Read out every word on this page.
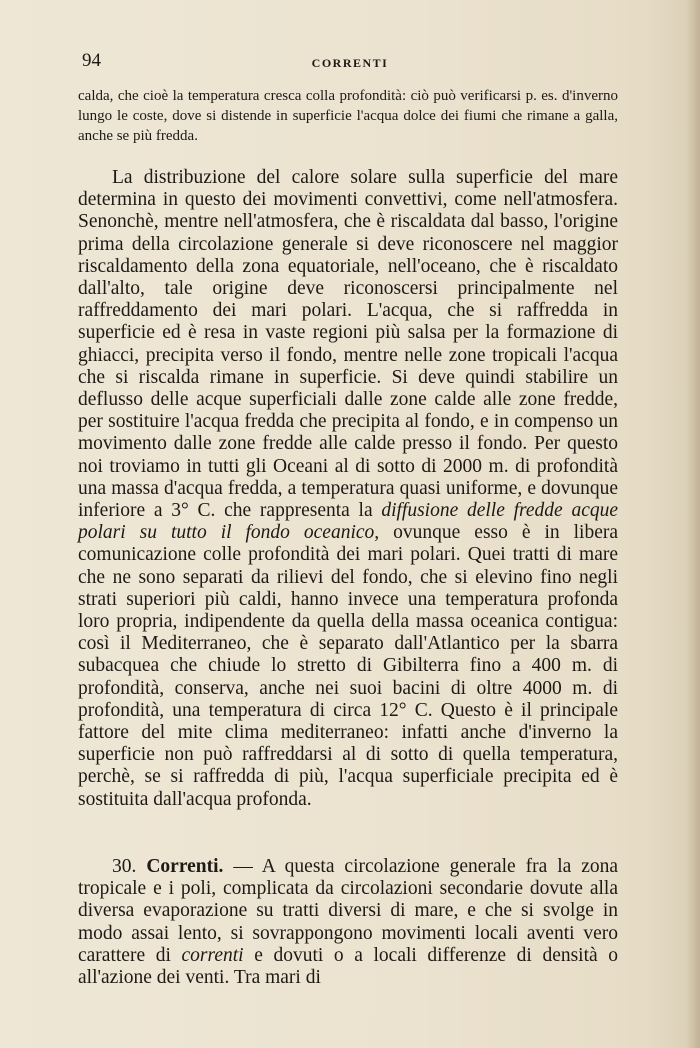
94	CORRENTI

calda, che cioè la temperatura cresca colla profondità: ciò può verificarsi p. es. d'inverno lungo le coste, dove si distende in superficie l'acqua dolce dei fiumi che rimane a galla, anche se più fredda.

La distribuzione del calore solare sulla superficie del mare determina in questo dei movimenti convettivi, come nell'atmosfera. Senonchè, mentre nell'atmosfera, che è riscaldata dal basso, l'origine prima della circolazione generale si deve riconoscere nel maggior riscaldamento della zona equatoriale, nell'oceano, che è riscaldato dall'alto, tale origine deve riconoscersi principalmente nel raffreddamento dei mari polari. L'acqua, che si raffredda in superficie ed è resa in vaste regioni più salsa per la formazione di ghiacci, precipita verso il fondo, mentre nelle zone tropicali l'acqua che si riscalda rimane in superficie. Si deve quindi stabilire un deflusso delle acque superficiali dalle zone calde alle zone fredde, per sostituire l'acqua fredda che precipita al fondo, e in compenso un movimento dalle zone fredde alle calde presso il fondo. Per questo noi troviamo in tutti gli Oceani al di sotto di 2000 m. di profondità una massa d'acqua fredda, a temperatura quasi uniforme, e dovunque inferiore a 3° C. che rappresenta la diffusione delle fredde acque polari su tutto il fondo oceanico, ovunque esso è in libera comunicazione colle profondità dei mari polari. Quei tratti di mare che ne sono separati da rilievi del fondo, che si elevino fino negli strati superiori più caldi, hanno invece una temperatura profonda loro propria, indipendente da quella della massa oceanica contigua: così il Mediterraneo, che è separato dall'Atlantico per la sbarra subacquea che chiude lo stretto di Gibilterra fino a 400 m. di profondità, conserva, anche nei suoi bacini di oltre 4000 m. di profondità, una temperatura di circa 12° C. Questo è il principale fattore del mite clima mediterraneo: infatti anche d'inverno la superficie non può raffreddarsi al di sotto di quella temperatura, perchè, se si raffredda di più, l'acqua superficiale precipita ed è sostituita dall'acqua profonda.

30. Correnti. — A questa circolazione generale fra la zona tropicale e i poli, complicata da circolazioni secondarie dovute alla diversa evaporazione su tratti diversi di mare, e che si svolge in modo assai lento, si sovrappongono movimenti locali aventi vero carattere di correnti e dovuti o a locali differenze di densità o all'azione dei venti. Tra mari di
